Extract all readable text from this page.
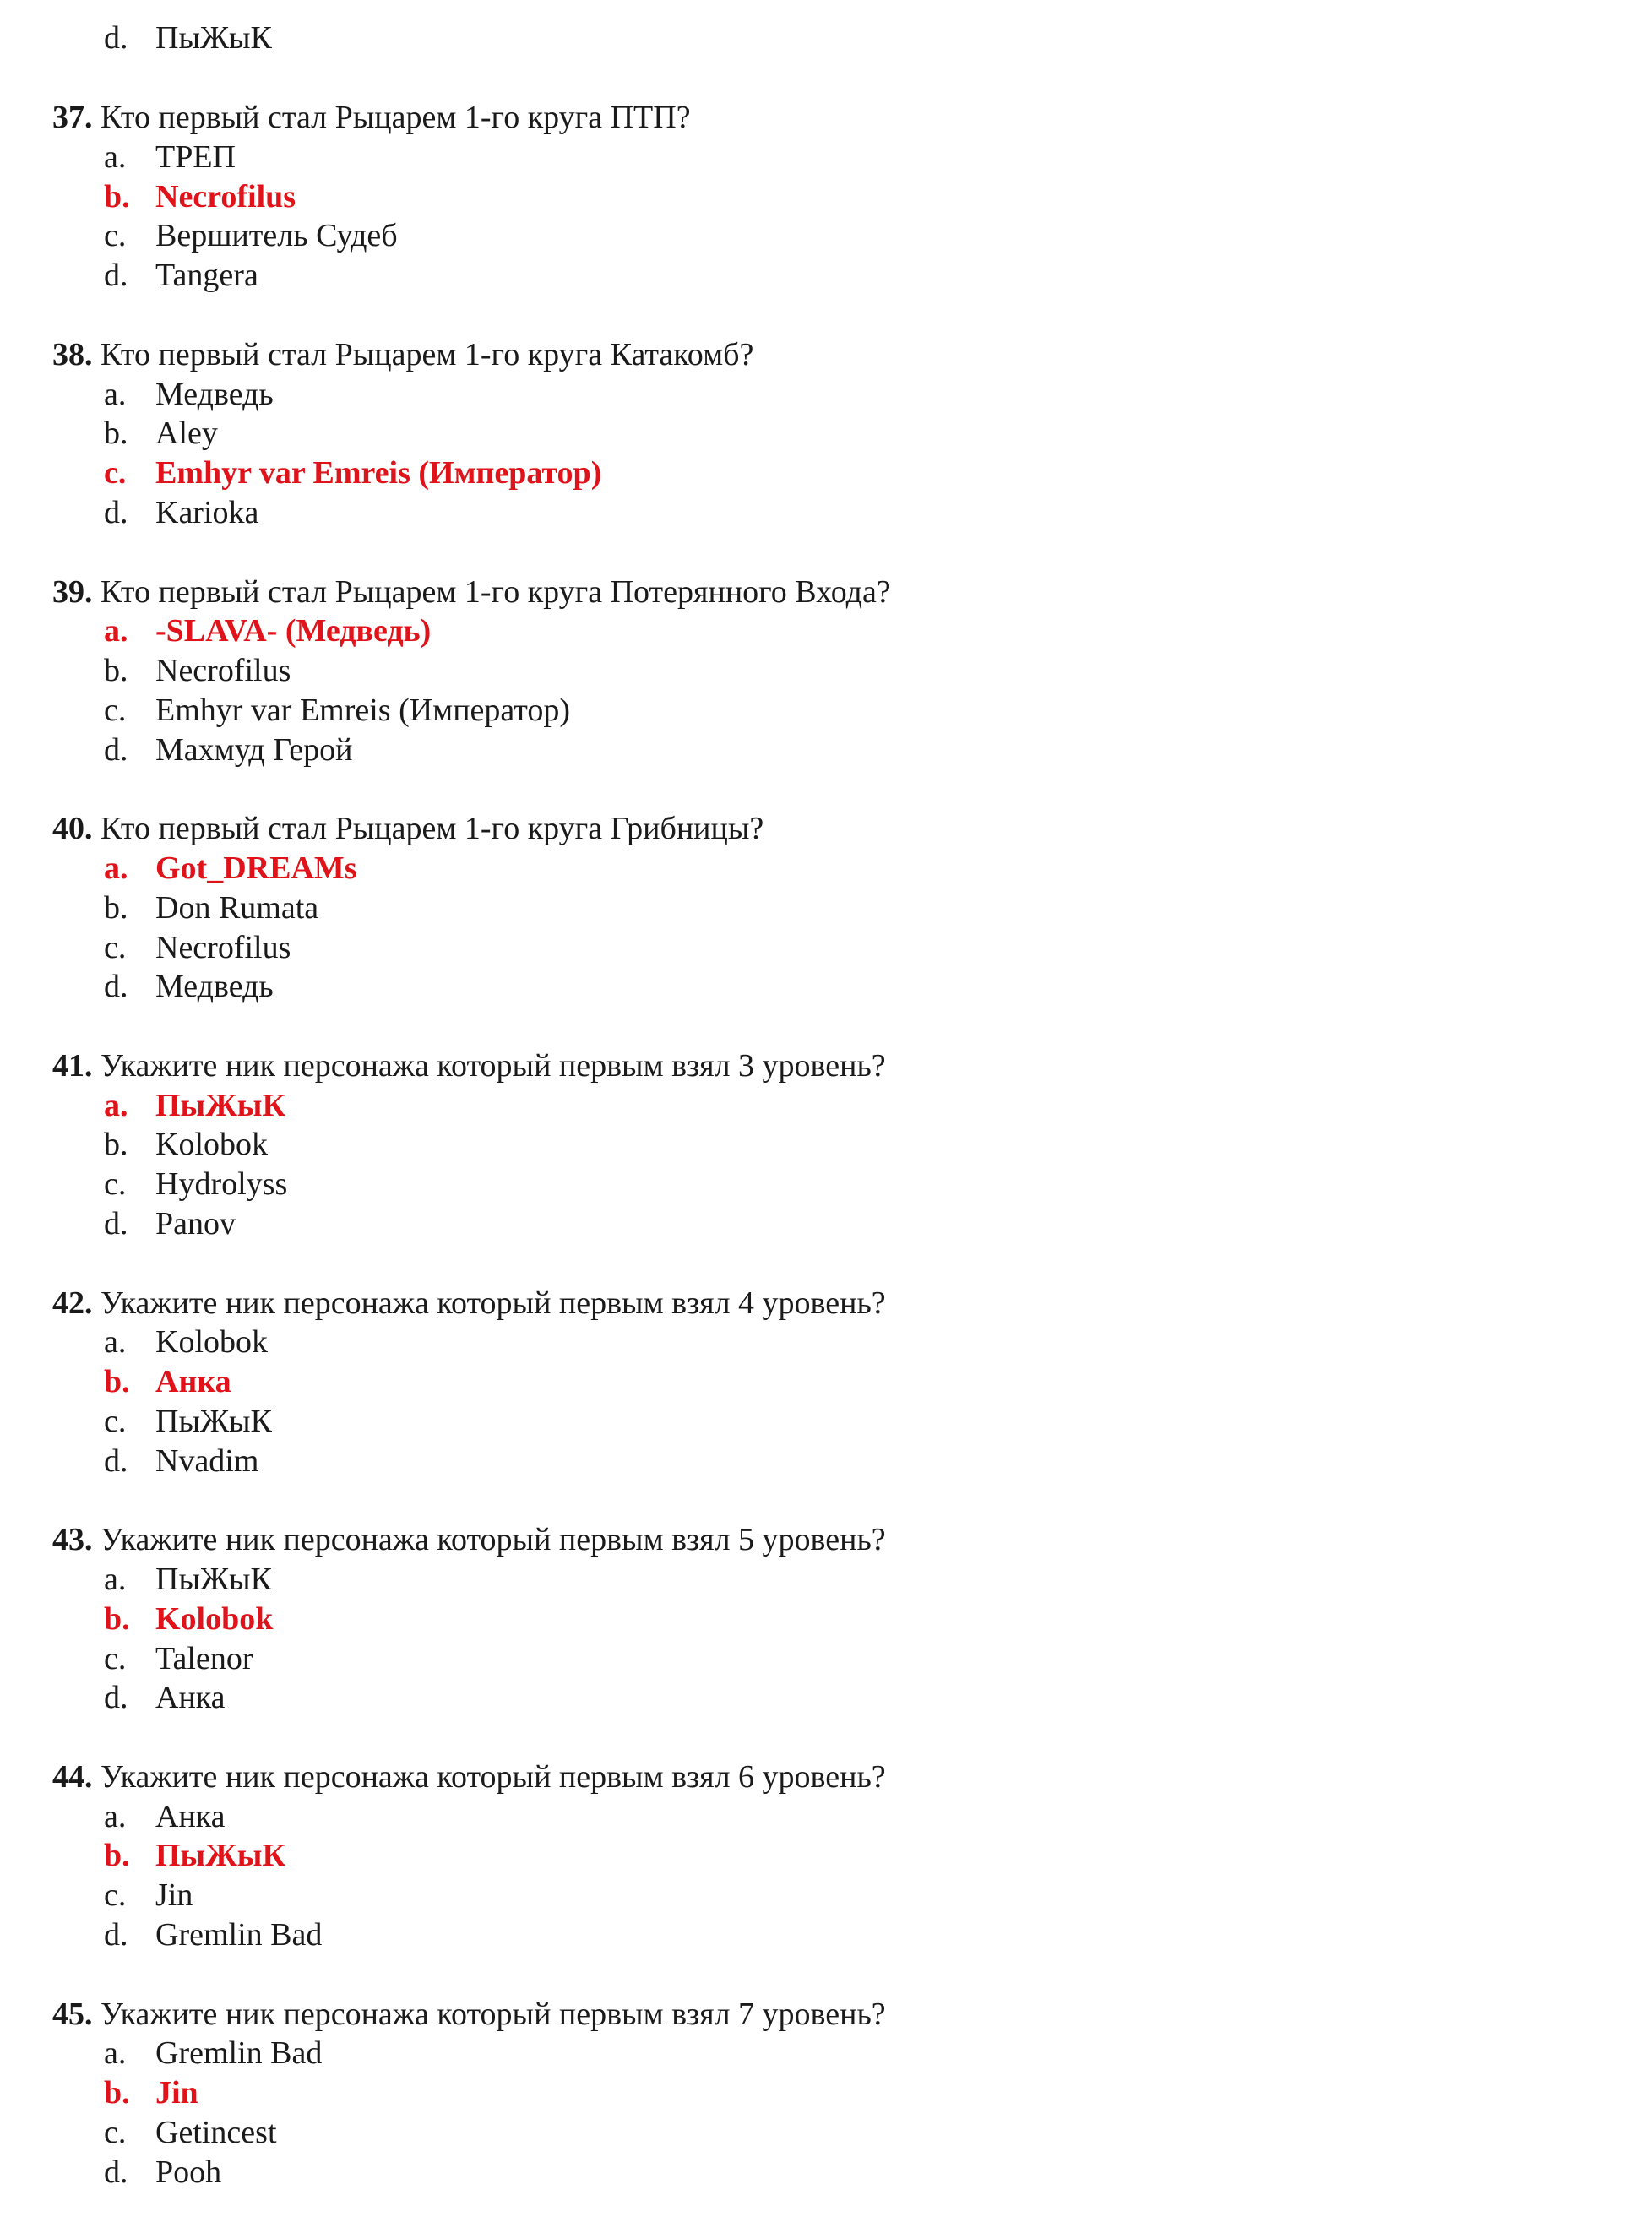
d. ПыЖыК
37. Кто первый стал Рыцарем 1-го круга ПТП?
a. ТРЕП
b. Necrofilus
c. Вершитель Судеб
d. Tangera
38. Кто первый стал Рыцарем 1-го круга Катакомб?
a. Медведь
b. Aley
c. Emhyr var Emreis (Император)
d. Karioka
39. Кто первый стал Рыцарем 1-го круга Потерянного Входа?
a. -SLAVA- (Медведь)
b. Necrofilus
c. Emhyr var Emreis (Император)
d. Махмуд Герой
40. Кто первый стал Рыцарем 1-го круга Грибницы?
a. Got_DREAMs
b. Don Rumata
c. Necrofilus
d. Медведь
41. Укажите ник персонажа который первым взял 3 уровень?
a. ПыЖыК
b. Kolobok
c. Hydrolyss
d. Panov
42. Укажите ник персонажа который первым взял 4 уровень?
a. Kolobok
b. Анка
c. ПыЖыК
d. Nvadim
43. Укажите ник персонажа который первым взял 5 уровень?
a. ПыЖыК
b. Kolobok
c. Talenor
d. Анка
44. Укажите ник персонажа который первым взял 6 уровень?
a. Анка
b. ПыЖыК
c. Jin
d. Gremlin Bad
45. Укажите ник персонажа который первым взял 7 уровень?
a. Gremlin Bad
b. Jin
c. Getincest
d. Pooh
